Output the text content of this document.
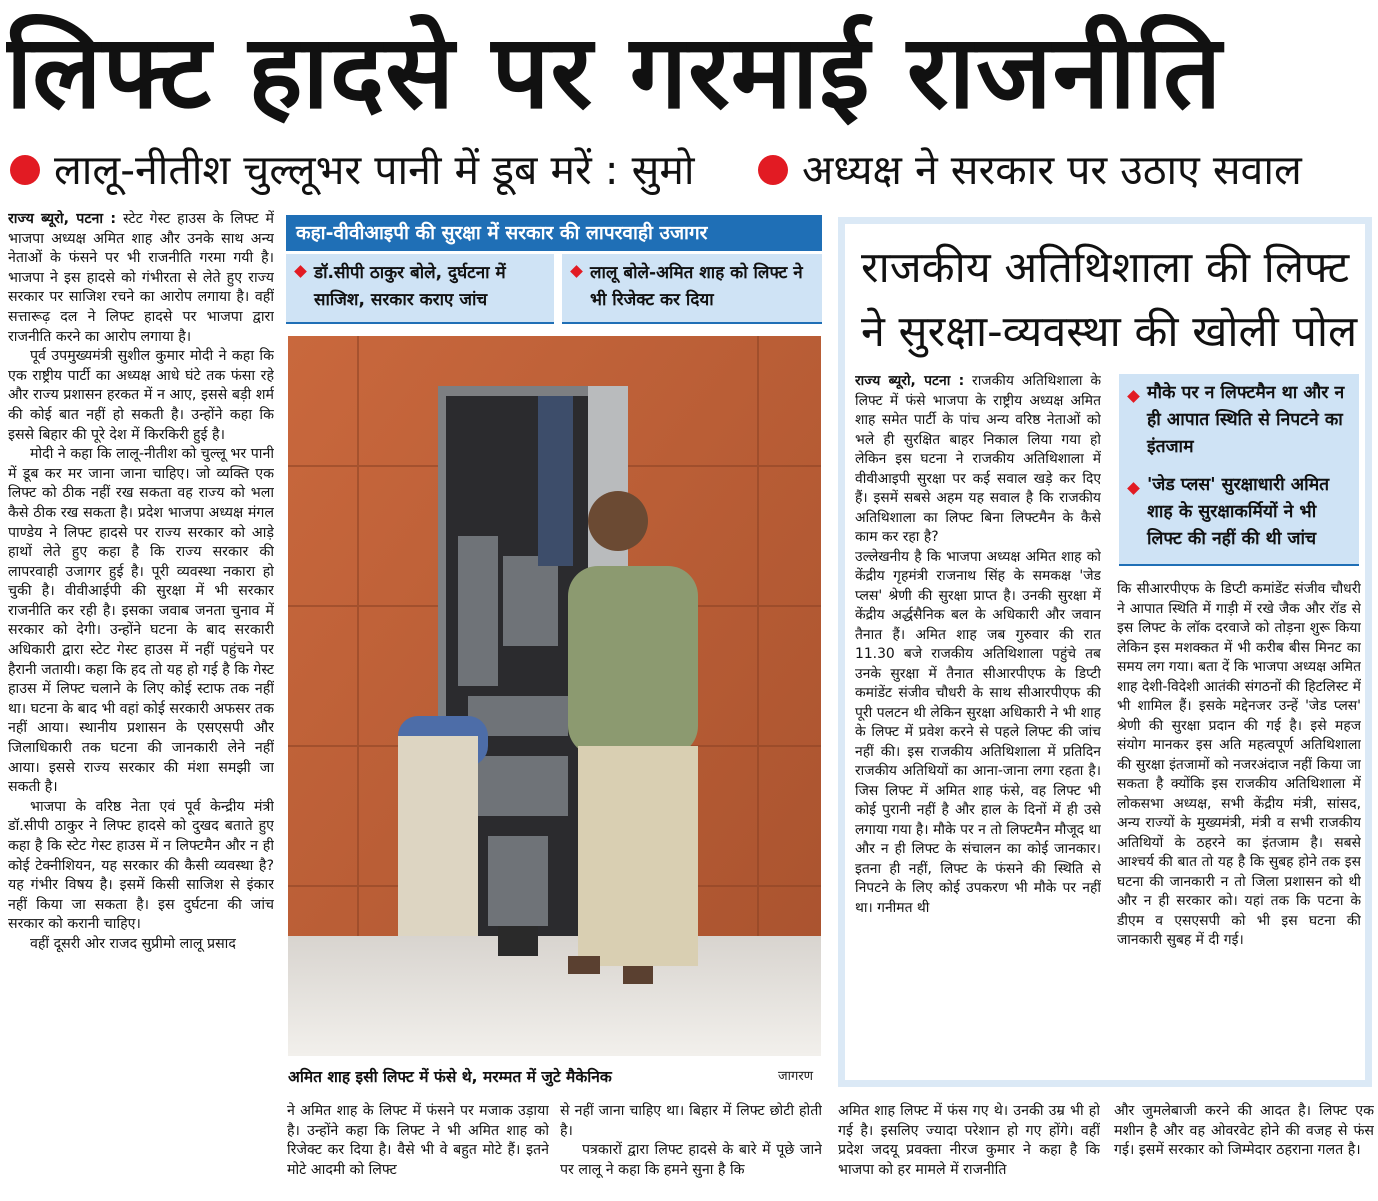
लिफ्ट हादसे पर गरमाई राजनीति
लालू-नीतीश चुल्लूभर पानी में डूब मरें : सुमो	अध्यक्ष ने सरकार पर उठाए सवाल

राज्य ब्यूरो, पटना : स्टेट गेस्ट हाउस के लिफ्ट में भाजपा अध्यक्ष अमित शाह और उनके साथ अन्य नेताओं के फंसने पर भी राजनीति गरमा गयी है। भाजपा ने इस हादसे को गंभीरता से लेते हुए राज्य सरकार पर साजिश रचने का आरोप लगाया है। वहीं सत्तारूढ़ दल ने लिफ्ट हादसे पर भाजपा द्वारा राजनीति करने का आरोप लगाया है।

पूर्व उपमुख्यमंत्री सुशील कुमार मोदी ने कहा कि एक राष्ट्रीय पार्टी का अध्यक्ष आधे घंटे तक फंसा रहे और राज्य प्रशासन हरकत में न आए, इससे बड़ी शर्म की कोई बात नहीं हो सकती है। उन्होंने कहा कि इससे बिहार की पूरे देश में किरकिरी हुई है।

मोदी ने कहा कि लालू-नीतीश को चुल्लू भर पानी में डूब कर मर जाना जाना चाहिए। जो व्यक्ति एक लिफ्ट को ठीक नहीं रख सकता वह राज्य को भला कैसे ठीक रख सकता है। प्रदेश भाजपा अध्यक्ष मंगल पाण्डेय ने लिफ्ट हादसे पर राज्य सरकार को आड़े हाथों लेते हुए कहा है कि राज्य सरकार की लापरवाही उजागर हुई है। पूरी व्यवस्था नकारा हो चुकी है। वीवीआईपी की सुरक्षा में भी सरकार राजनीति कर रही है। इसका जवाब जनता चुनाव में सरकार को देगी। उन्होंने घटना के बाद सरकारी अधिकारी द्वारा स्टेट गेस्ट हाउस में नहीं पहुंचने पर हैरानी जतायी। कहा कि हद तो यह हो गई है कि गेस्ट हाउस में लिफ्ट चलाने के लिए कोई स्टाफ तक नहीं था। घटना के बाद भी वहां कोई सरकारी अफसर तक नहीं आया। स्थानीय प्रशासन के एसएसपी और जिलाधिकारी तक घटना की जानकारी लेने नहीं आया। इससे राज्य सरकार की मंशा समझी जा सकती है।

भाजपा के वरिष्ठ नेता एवं पूर्व केन्द्रीय मंत्री डॉ.सीपी ठाकुर ने लिफ्ट हादसे को दुखद बताते हुए कहा है कि स्टेट गेस्ट हाउस में न लिफ्टमैन और न ही कोई टेक्नीशियन, यह सरकार की कैसी व्यवस्था है? यह गंभीर विषय है। इसमें किसी साजिश से इंकार नहीं किया जा सकता है। इस दुर्घटना की जांच सरकार को करानी चाहिए।

वहीं दूसरी ओर राजद सुप्रीमो लालू प्रसाद

कहा-वीवीआइपी की सुरक्षा में सरकार की लापरवाही उजागर
डॉ.सीपी ठाकुर बोले, दुर्घटना में साजिश, सरकार कराए जांच
लालू बोले-अमित शाह को लिफ्ट ने भी रिजेक्ट कर दिया
अमित शाह इसी लिफ्ट में फंसे थे, मरम्मत में जुटे मैकेनिक	जागरण

ने अमित शाह के लिफ्ट में फंसने पर मजाक उड़ाया है। उन्होंने कहा कि लिफ्ट ने भी अमित शाह को रिजेक्ट कर दिया है। वैसे भी वे बहुत मोटे हैं। इतने मोटे आदमी को लिफ्ट

से नहीं जाना चाहिए था। बिहार में लिफ्ट छोटी होती है।

पत्रकारों द्वारा लिफ्ट हादसे के बारे में पूछे जाने पर लालू ने कहा कि हमने सुना है कि

राजकीय अतिथिशाला की लिफ्ट ने सुरक्षा-व्यवस्था की खोली पोल

राज्य ब्यूरो, पटना : राजकीय अतिथिशाला के लिफ्ट में फंसे भाजपा के राष्ट्रीय अध्यक्ष अमित शाह समेत पार्टी के पांच अन्य वरिष्ठ नेताओं को भले ही सुरक्षित बाहर निकाल लिया गया हो लेकिन इस घटना ने राजकीय अतिथिशाला में वीवीआइपी सुरक्षा पर कई सवाल खड़े कर दिए हैं। इसमें सबसे अहम यह सवाल है कि राजकीय अतिथिशाला का लिफ्ट बिना लिफ्टमैन के कैसे काम कर रहा है?

उल्लेखनीय है कि भाजपा अध्यक्ष अमित शाह को केंद्रीय गृहमंत्री राजनाथ सिंह के समकक्ष 'जेड प्लस' श्रेणी की सुरक्षा प्राप्त है। उनकी सुरक्षा में केंद्रीय अर्द्धसैनिक बल के अधिकारी और जवान तैनात हैं। अमित शाह जब गुरुवार की रात 11.30 बजे राजकीय अतिथिशाला पहुंचे तब उनके सुरक्षा में तैनात सीआरपीएफ के डिप्टी कमांडेंट संजीव चौधरी के साथ सीआरपीएफ की पूरी पलटन थी लेकिन सुरक्षा अधिकारी ने भी शाह के लिफ्ट में प्रवेश करने से पहले लिफ्ट की जांच नहीं की। इस राजकीय अतिथिशाला में प्रतिदिन राजकीय अतिथियों का आना-जाना लगा रहता है। जिस लिफ्ट में अमित शाह फंसे, वह लिफ्ट भी कोई पुरानी नहीं है और हाल के दिनों में ही उसे लगाया गया है। मौके पर न तो लिफ्टमैन मौजूद था और न ही लिफ्ट के संचालन का कोई जानकार। इतना ही नहीं, लिफ्ट के फंसने की स्थिति से निपटने के लिए कोई उपकरण भी मौके पर नहीं था। गनीमत थी

मौके पर न लिफ्टमैन था और न ही आपात स्थिति से निपटने का इंतजाम
'जेड प्लस' सुरक्षाधारी अमित शाह के सुरक्षाकर्मियों ने भी लिफ्ट की नहीं की थी जांच

कि सीआरपीएफ के डिप्टी कमांडेंट संजीव चौधरी ने आपात स्थिति में गाड़ी में रखे जैक और रॉड से इस लिफ्ट के लॉक दरवाजे को तोड़ना शुरू किया लेकिन इस मशक्कत में भी करीब बीस मिनट का समय लग गया। बता दें कि भाजपा अध्यक्ष अमित शाह देशी-विदेशी आतंकी संगठनों की हिटलिस्ट में भी शामिल हैं। इसके मद्देनजर उन्हें 'जेड प्लस' श्रेणी की सुरक्षा प्रदान की गई है। इसे महज संयोग मानकर इस अति महत्वपूर्ण अतिथिशाला की सुरक्षा इंतजामों को नजरअंदाज नहीं किया जा सकता है क्योंकि इस राजकीय अतिथिशाला में लोकसभा अध्यक्ष, सभी केंद्रीय मंत्री, सांसद, अन्य राज्यों के मुख्यमंत्री, मंत्री व सभी राजकीय अतिथियों के ठहरने का इंतजाम है। सबसे आश्चर्य की बात तो यह है कि सुबह होने तक इस घटना की जानकारी न तो जिला प्रशासन को थी और न ही सरकार को। यहां तक कि पटना के डीएम व एसएसपी को भी इस घटना की जानकारी सुबह में दी गई।

अमित शाह लिफ्ट में फंस गए थे। उनकी उम्र भी हो गई है। इसलिए ज्यादा परेशान हो गए होंगे। वहीं प्रदेश जदयू प्रवक्ता नीरज कुमार ने कहा है कि भाजपा को हर मामले में राजनीति

और जुमलेबाजी करने की आदत है। लिफ्ट एक मशीन है और वह ओवरवेट होने की वजह से फंस गई। इसमें सरकार को जिम्मेदार ठहराना गलत है।
